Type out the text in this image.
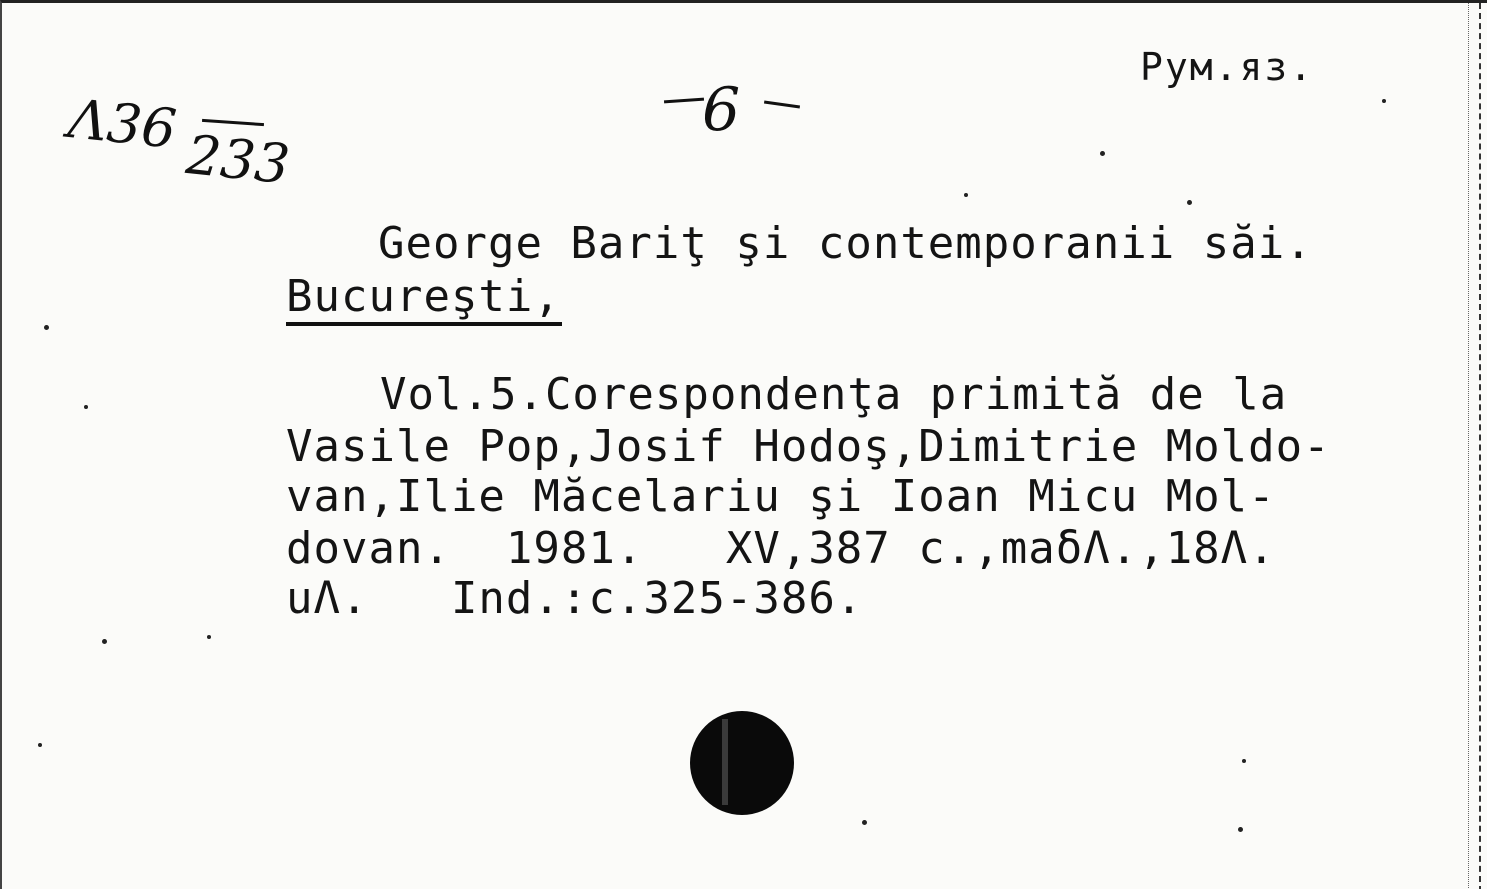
Рум.яз.
Λ36 233
6
George Bariţ şi contemporanii săi.
Bucureşti,
Vol.5.Corespondenţa primită de la
Vasile Pop,Josif Hodoş,Dimitrie Moldo-
van,Ilie Măcelariu şi Ioan Micu Mol-
dovan.  1981.   XV,387 c.,maδΛ.,18Λ.
uΛ.   Ind.:c.325-386.
